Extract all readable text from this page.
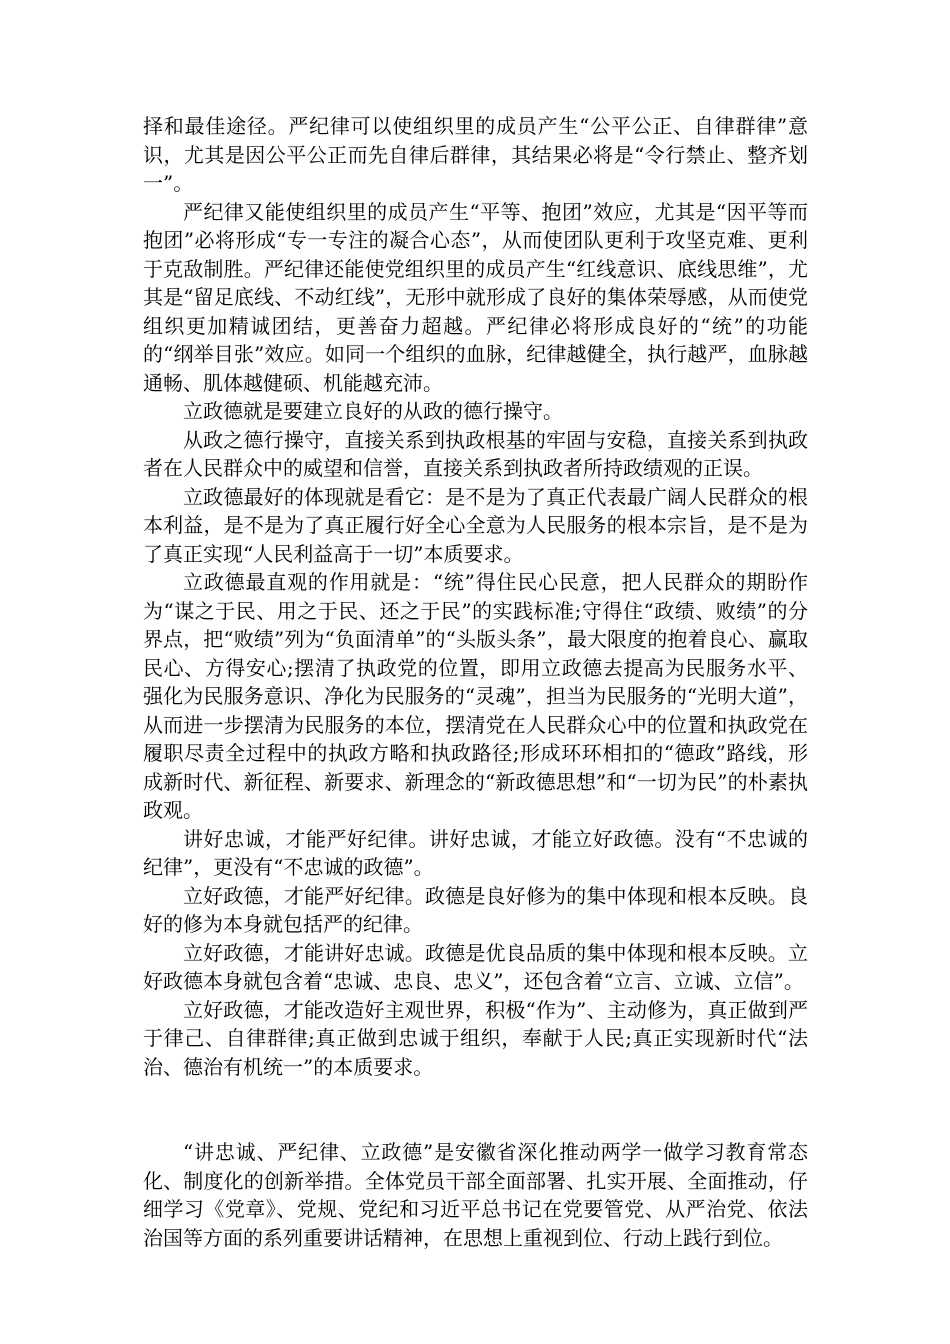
择和最佳途径。严纪律可以使组织里的成员产生“公平公正、自律群律”意识，尤其是因公平公正而先自律后群律，其结果必将是“令行禁止、整齐划一”。

严纪律又能使组织里的成员产生“平等、抱团”效应，尤其是“因平等而抱团”必将形成“专一专注的凝合心态”，从而使团队更利于攻坚克难、更利于克敌制胜。严纪律还能使党组织里的成员产生“红线意识、底线思维”，尤其是“留足底线、不动红线”，无形中就形成了良好的集体荣辱感，从而使党组织更加精诚团结，更善奋力超越。严纪律必将形成良好的“统”的功能的“纲举目张”效应。如同一个组织的血脉，纪律越健全，执行越严，血脉越通畅、肌体越健硕、机能越充沛。

立政德就是要建立良好的从政的德行操守。

从政之德行操守，直接关系到执政根基的牢固与安稳，直接关系到执政者在人民群众中的威望和信誉，直接关系到执政者所持政绩观的正误。

立政德最好的体现就是看它：是不是为了真正代表最广阔人民群众的根本利益，是不是为了真正履行好全心全意为人民服务的根本宗旨，是不是为了真正实现“人民利益高于一切”本质要求。

立政德最直观的作用就是：“统”得住民心民意，把人民群众的期盼作为“谋之于民、用之于民、还之于民”的实践标准;守得住“政绩、败绩”的分界点，把“败绩”列为“负面清单”的“头版头条”，最大限度的抱着良心、赢取民心、方得安心;摆清了执政党的位置，即用立政德去提高为民服务水平、强化为民服务意识、净化为民服务的“灵魂”，担当为民服务的“光明大道”，从而进一步摆清为民服务的本位，摆清党在人民群众心中的位置和执政党在履职尽责全过程中的执政方略和执政路径;形成环环相扣的“德政”路线，形成新时代、新征程、新要求、新理念的“新政德思想”和“一切为民”的朴素执政观。

讲好忠诚，才能严好纪律。讲好忠诚，才能立好政德。没有“不忠诚的纪律”，更没有“不忠诚的政德”。

立好政德，才能严好纪律。政德是良好修为的集中体现和根本反映。良好的修为本身就包括严的纪律。

立好政德，才能讲好忠诚。政德是优良品质的集中体现和根本反映。立好政德本身就包含着“忠诚、忠良、忠义”，还包含着“立言、立诚、立信”。

立好政德，才能改造好主观世界，积极“作为”、主动修为，真正做到严于律己、自律群律;真正做到忠诚于组织，奉献于人民;真正实现新时代“法治、德治有机统一”的本质要求。

“讲忠诚、严纪律、立政德”是安徽省深化推动两学一做学习教育常态化、制度化的创新举措。全体党员干部全面部署、扎实开展、全面推动，仔细学习《党章》、党规、党纪和习近平总书记在党要管党、从严治党、依法治国等方面的系列重要讲话精神，在思想上重视到位、行动上践行到位。
